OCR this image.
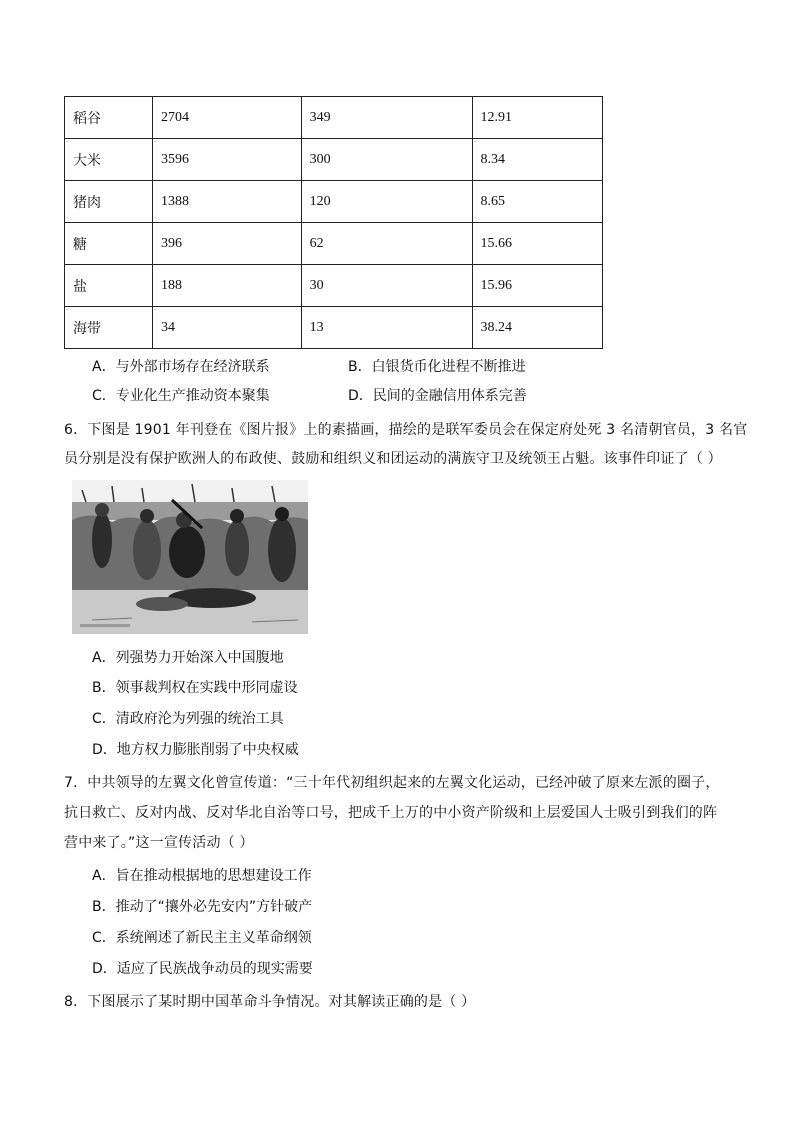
稻谷	2704	349	12.91
大米	3596	300	8.34
猪肉	1388	120	8.65
糖	396	62	15.66
盐	188	30	15.96
海带	34	13	38.24
A．与外部市场存在经济联系	B．白银货币化进程不断推进
C．专业化生产推动资本聚集	D．民间的金融信用体系完善
6．下图是 1901 年刊登在《图片报》上的素描画，描绘的是联军委员会在保定府处死 3 名清朝官员，3 名官
员分别是没有保护欧洲人的布政使、鼓励和组织义和团运动的满族守卫及统领王占魁。该事件印证了（ ）
A．列强势力开始深入中国腹地
B．领事裁判权在实践中形同虚设
C．清政府沦为列强的统治工具
D．地方权力膨胀削弱了中央权威
7．中共领导的左翼文化曾宣传道：“三十年代初组织起来的左翼文化运动，已经冲破了原来左派的圈子，
抗日救亡、反对内战、反对华北自治等口号，把成千上万的中小资产阶级和上层爱国人士吸引到我们的阵
营中来了。”这一宣传活动（ ）
A．旨在推动根据地的思想建设工作
B．推动了“攘外必先安内”方针破产
C．系统阐述了新民主主义革命纲领
D．适应了民族战争动员的现实需要
8．下图展示了某时期中国革命斗争情况。对其解读正确的是（ ）
